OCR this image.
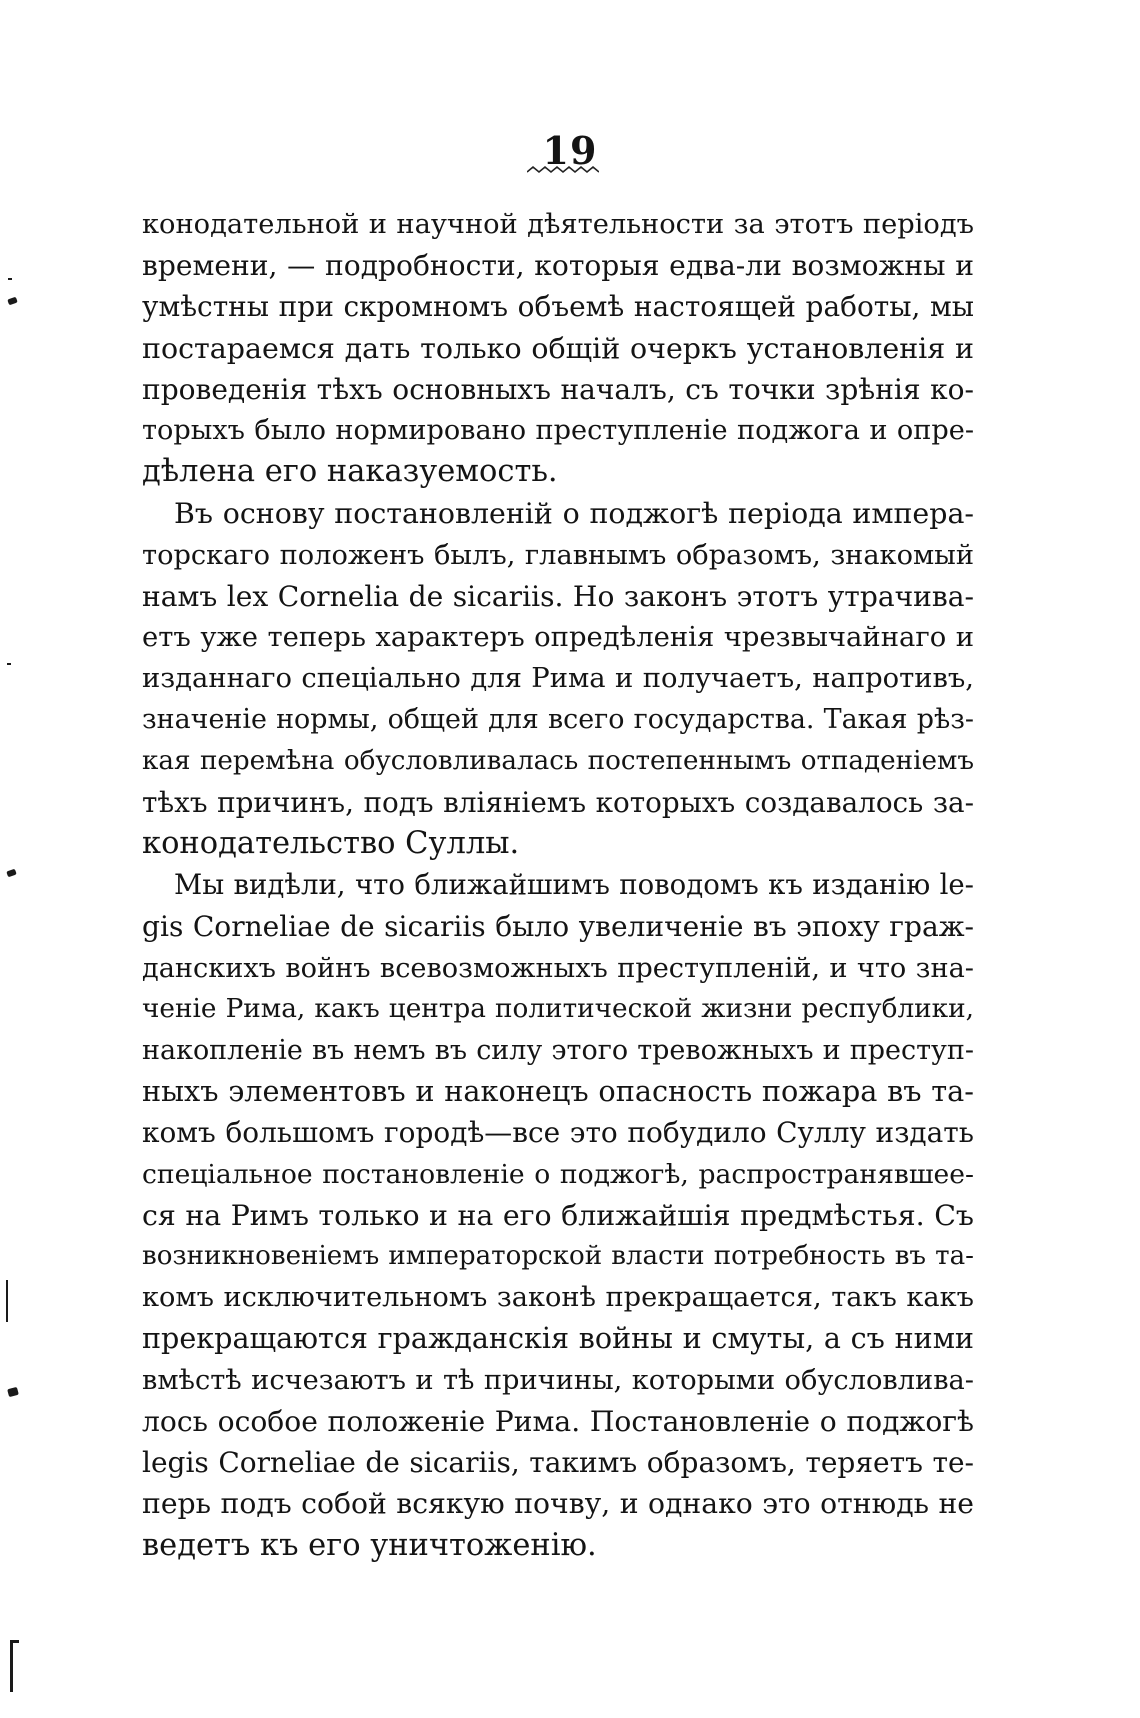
19

конодательной и научной дѣятельности за этотъ періодъ
времени, — подробности, которыя едва-ли возможны и
умѣстны при скромномъ объемѣ настоящей работы, мы
постараемся дать только общій очеркъ установленія и
проведенія тѣхъ основныхъ началъ, съ точки зрѣнія ко-
торыхъ было нормировано преступленіе поджога и опре-
дѣлена его наказуемость.

Въ основу постановленій о поджогѣ періода импера-
торскаго положенъ былъ, главнымъ образомъ, знакомый
намъ lex Cornelia de sicariis. Но законъ этотъ утрачива-
етъ уже теперь характеръ опредѣленія чрезвычайнаго и
изданнаго спеціально для Рима и получаетъ, напротивъ,
значеніе нормы, общей для всего государства. Такая рѣз-
кая перемѣна обусловливалась постепеннымъ отпаденіемъ
тѣхъ причинъ, подъ вліяніемъ которыхъ создавалось за-
конодательство Суллы.

Мы видѣли, что ближайшимъ поводомъ къ изданію le-
gis Corneliae de sicariis было увеличеніе въ эпоху граж-
данскихъ войнъ всевозможныхъ преступленій, и что зна-
ченіе Рима, какъ центра политической жизни республики,
накопленіе въ немъ въ силу этого тревожныхъ и преступ-
ныхъ элементовъ и наконецъ опасность пожара въ та-
комъ большомъ городѣ—все это побудило Суллу издать
спеціальное постановленіе о поджогѣ, распространявшее-
ся на Римъ только и на его ближайшія предмѣстья. Съ
возникновеніемъ императорской власти потребность въ та-
комъ исключительномъ законѣ прекращается, такъ какъ
прекращаются гражданскія войны и смуты, а съ ними
вмѣстѣ исчезаютъ и тѣ причины, которыми обусловлива-
лось особое положеніе Рима. Постановленіе о поджогѣ
legis Corneliae de sicariis, такимъ образомъ, теряетъ те-
перь подъ собой всякую почву, и однако это отнюдь не
ведетъ къ его уничтоженію.
